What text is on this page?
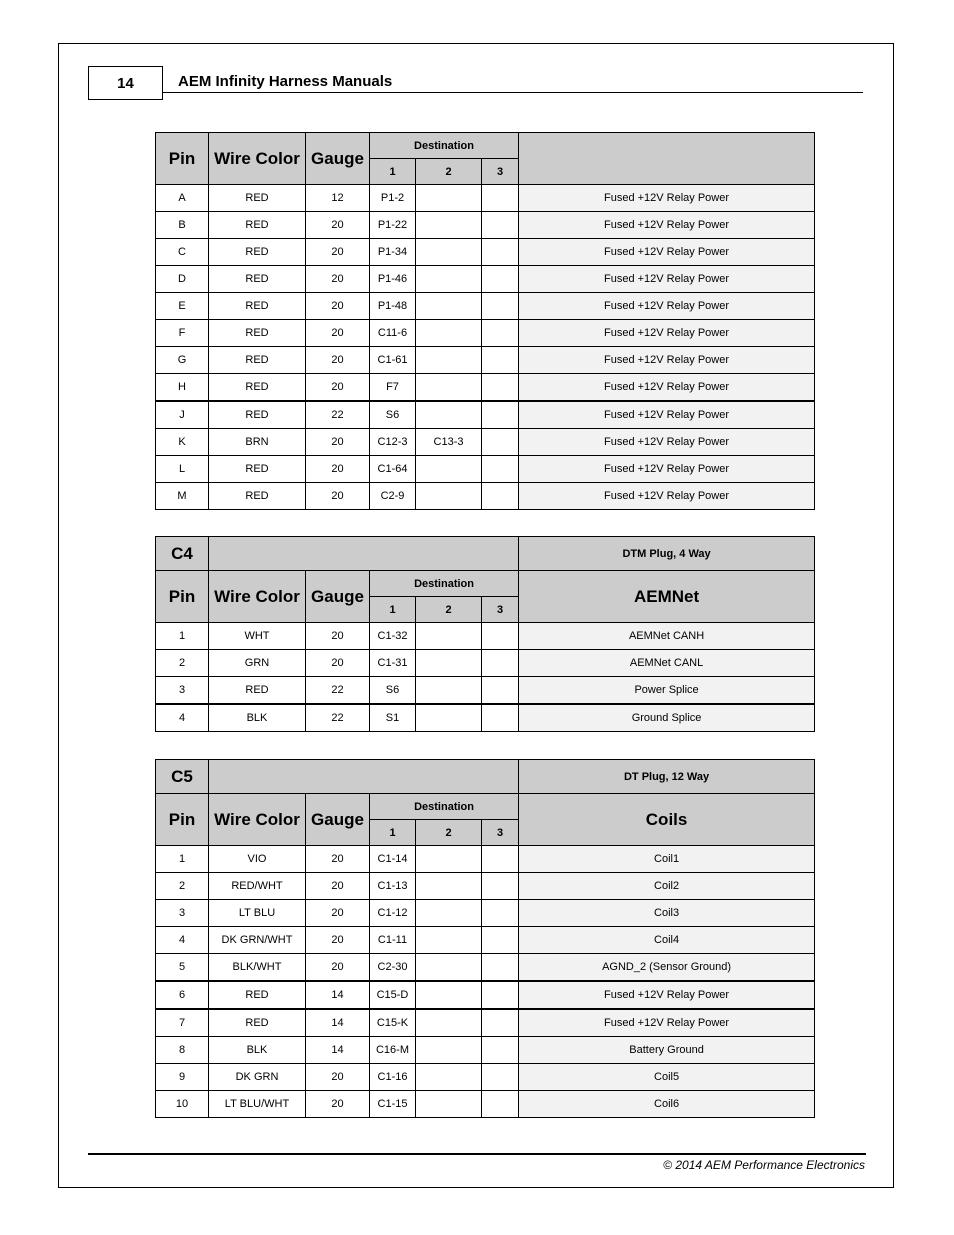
14	AEM Infinity Harness Manuals
Pin	Wire Color	Gauge	Destination			
			1	2	3	
A	RED	12	P1-2			Fused +12V Relay Power
B	RED	20	P1-22			Fused +12V Relay Power
C	RED	20	P1-34			Fused +12V Relay Power
D	RED	20	P1-46			Fused +12V Relay Power
E	RED	20	P1-48			Fused +12V Relay Power
F	RED	20	C11-6			Fused +12V Relay Power
G	RED	20	C1-61			Fused +12V Relay Power
H	RED	20	F7			Fused +12V Relay Power
J	RED	22	S6			Fused +12V Relay Power
K	BRN	20	C12-3	C13-3		Fused +12V Relay Power
L	RED	20	C1-64			Fused +12V Relay Power
M	RED	20	C2-9			Fused +12V Relay Power
C4						DTM Plug, 4 Way
Pin	Wire Color	Gauge	Destination			AEMNet
			1	2	3	
1	WHT	20	C1-32			AEMNet CANH
2	GRN	20	C1-31			AEMNet CANL
3	RED	22	S6			Power Splice
4	BLK	22	S1			Ground Splice
C5						DT Plug, 12 Way
Pin	Wire Color	Gauge	Destination			Coils
			1	2	3	
1	VIO	20	C1-14			Coil1
2	RED/WHT	20	C1-13			Coil2
3	LT BLU	20	C1-12			Coil3
4	DK GRN/WHT	20	C1-11			Coil4
5	BLK/WHT	20	C2-30			AGND_2 (Sensor Ground)
6	RED	14	C15-D			Fused +12V Relay Power
7	RED	14	C15-K			Fused +12V Relay Power
8	BLK	14	C16-M			Battery Ground
9	DK GRN	20	C1-16			Coil5
10	LT BLU/WHT	20	C1-15			Coil6
© 2014 AEM Performance Electronics
